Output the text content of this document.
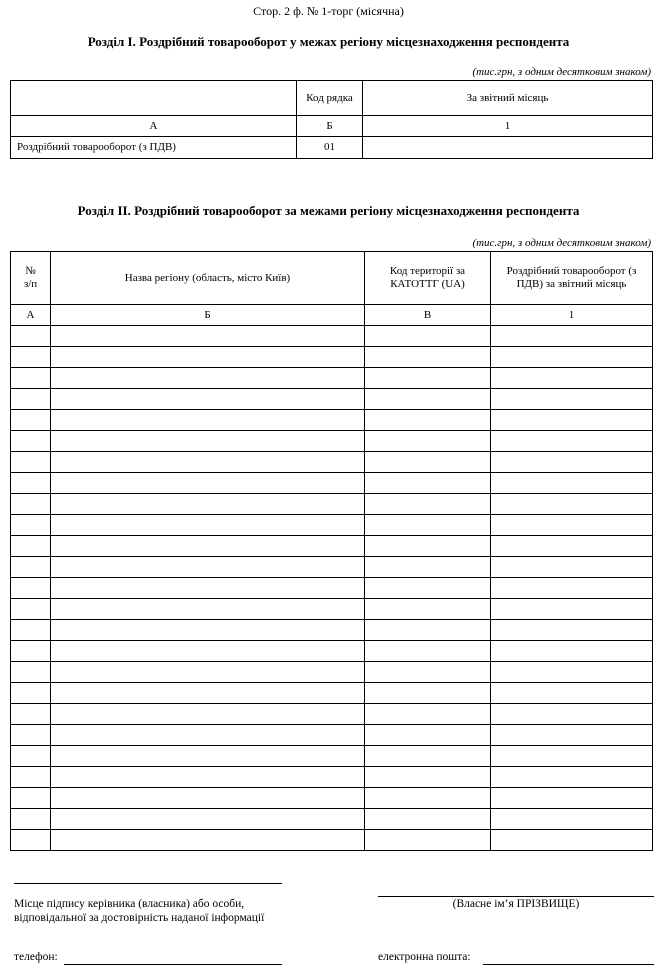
Стор. 2 ф. № 1-торг (місячна)
Розділ I. Роздрібний товарооборот у межах регіону місцезнаходження респондента
(тис.грн, з одним десятковим знаком)
	Код рядка	За звітний місяць
А	Б	1
Роздрібний товарооборот (з ПДВ)	01	
Розділ II. Роздрібний товарооборот за межами регіону місцезнаходження респондента
(тис.грн, з одним десятковим знаком)
№ з/п	Назва регіону (область, місто Київ)	Код території за КАТОТТГ (UA)	Роздрібний товарооборот (з ПДВ) за звітний місяць
А	Б	В	1

Місце підпису керівника (власника) або особи,
відповідальної за достовірність наданої інформації
(Власне ім’я ПРІЗВИЩЕ)
телефон:	електронна пошта:
